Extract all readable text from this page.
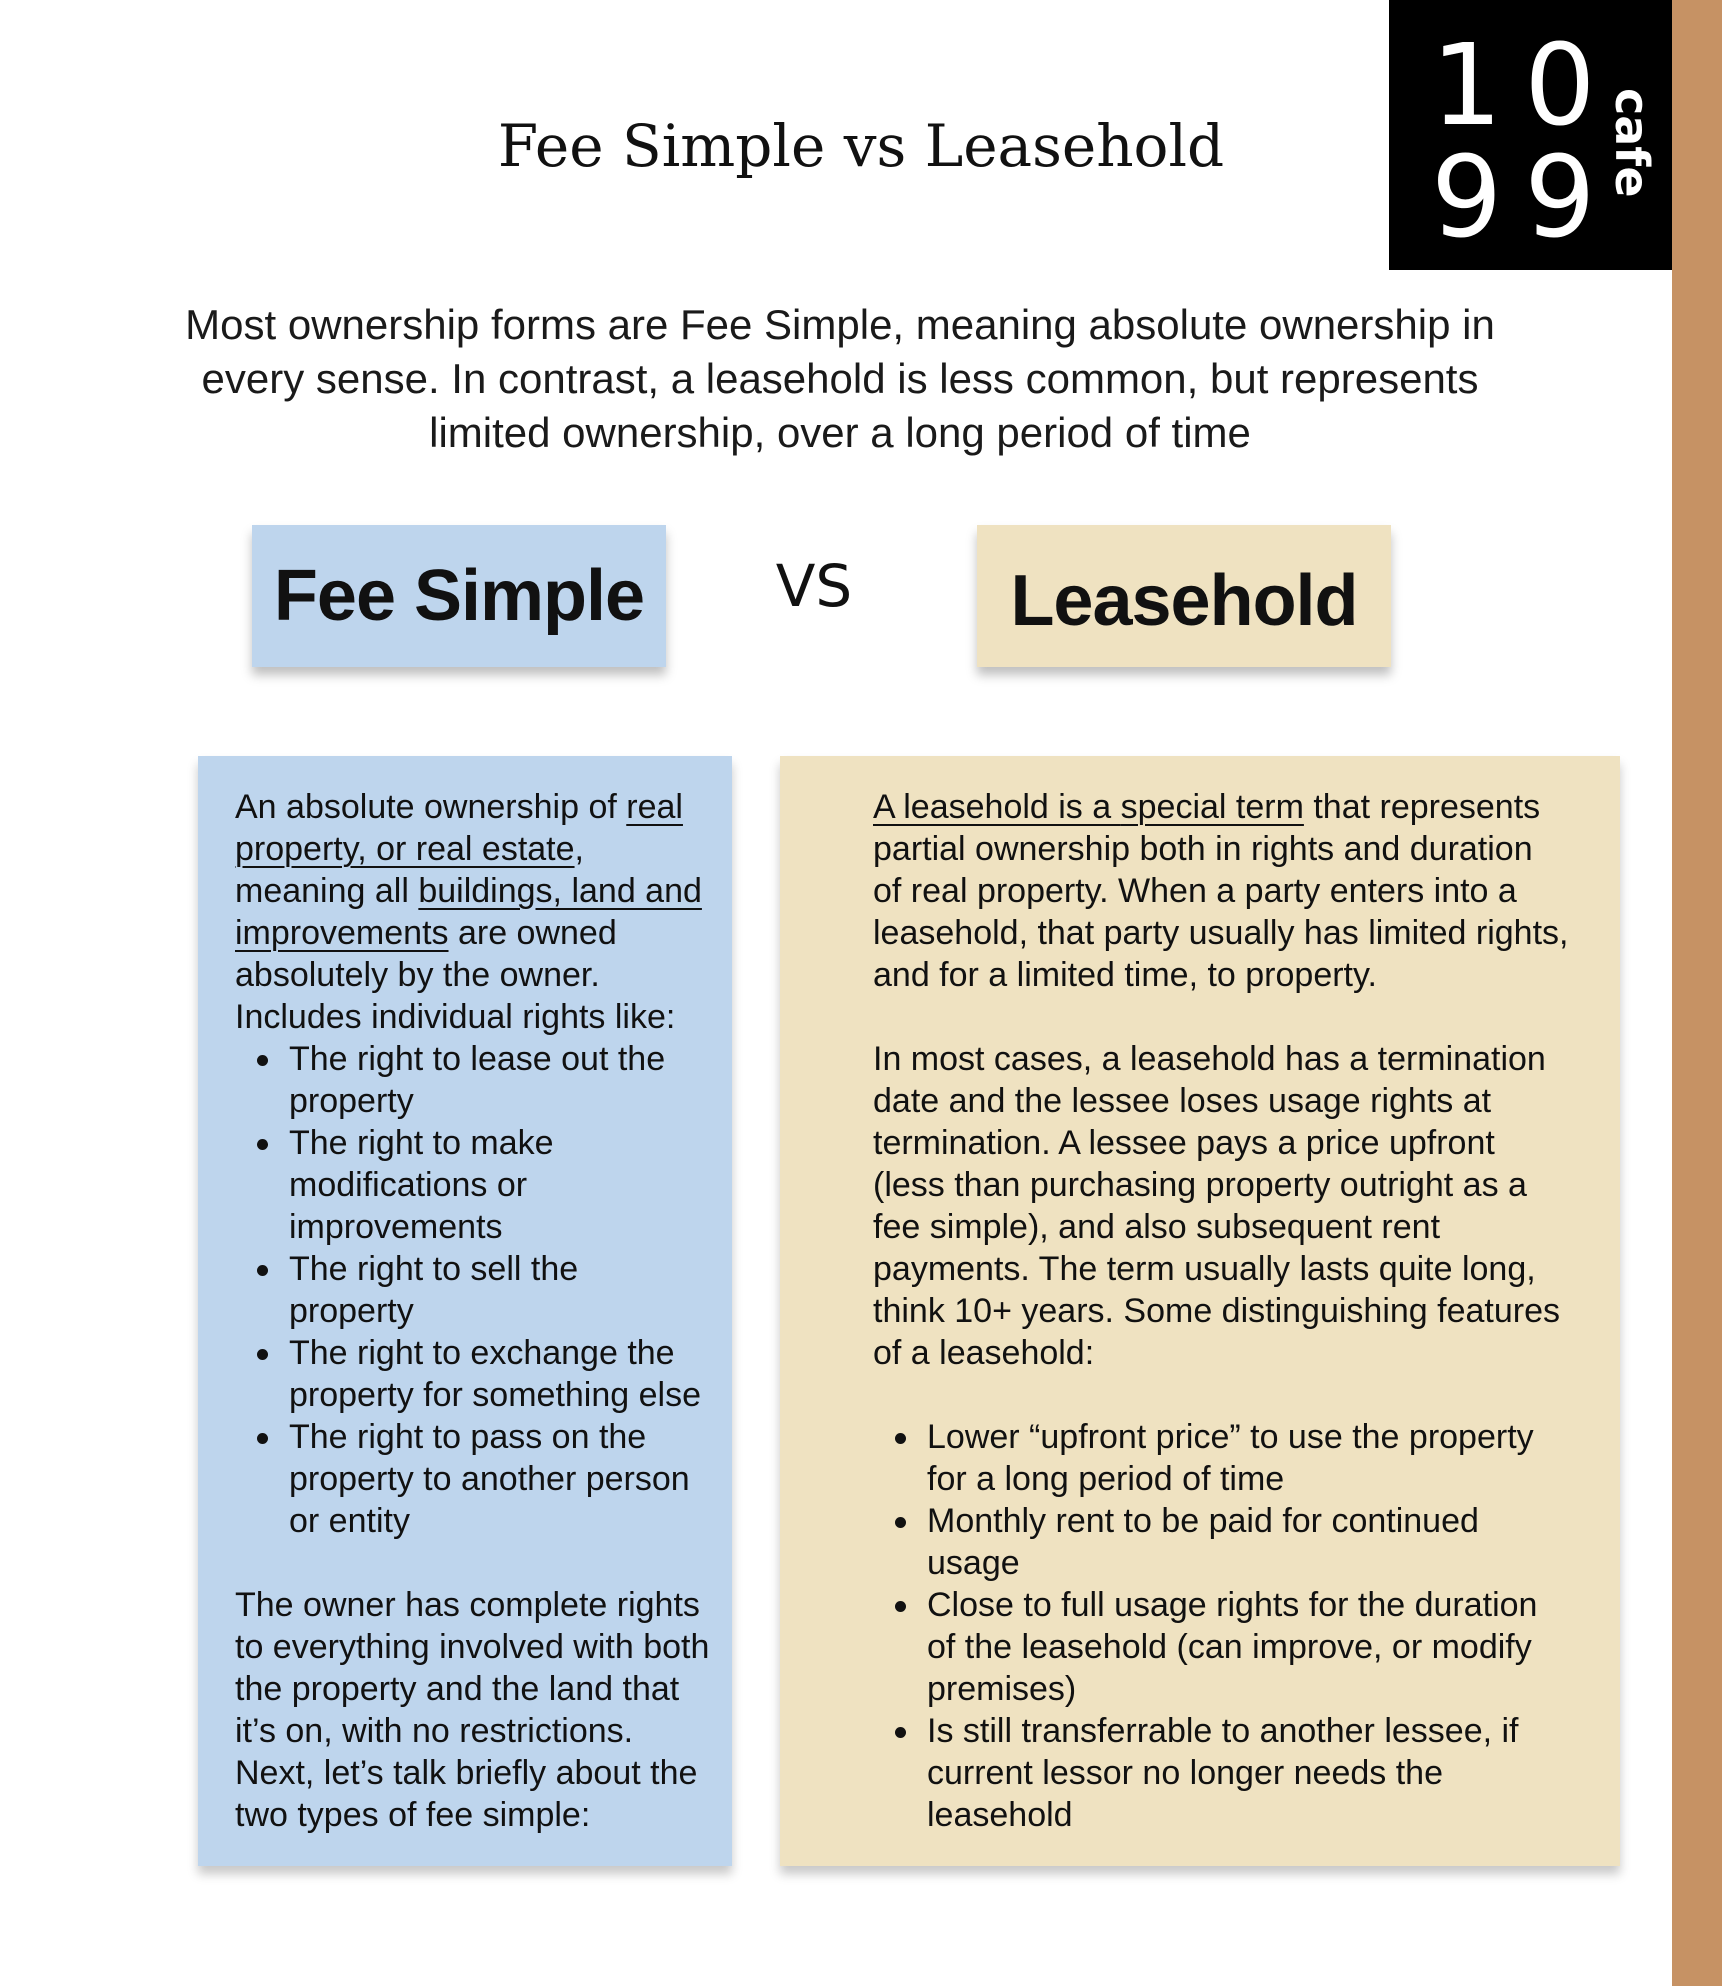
10
99
cafe
Fee Simple vs Leasehold
Most ownership forms are Fee Simple, meaning absolute ownership in every sense. In contrast, a leasehold is less common, but represents limited ownership, over a long period of time
Fee Simple	VS	Leasehold

An absolute ownership of real property, or real estate, meaning all buildings, land and improvements are owned absolutely by the owner. Includes individual rights like:

The right to lease out the property
The right to make modifications or improvements
The right to sell the property
The right to exchange the property for something else
The right to pass on the property to another person or entity

The owner has complete rights to everything involved with both the property and the land that it’s on, with no restrictions. Next, let’s talk briefly about the two types of fee simple:

A leasehold is a special term that represents partial ownership both in rights and duration of real property. When a party enters into a leasehold, that party usually has limited rights, and for a limited time, to property.

In most cases, a leasehold has a termination date and the lessee loses usage rights at termination. A lessee pays a price upfront (less than purchasing property outright as a fee simple), and also subsequent rent payments. The term usually lasts quite long, think 10+ years. Some distinguishing features of a leasehold:

Lower “upfront price” to use the property for a long period of time
Monthly rent to be paid for continued usage
Close to full usage rights for the duration of the leasehold (can improve, or modify premises)
Is still transferrable to another lessee, if current lessor no longer needs the leasehold
